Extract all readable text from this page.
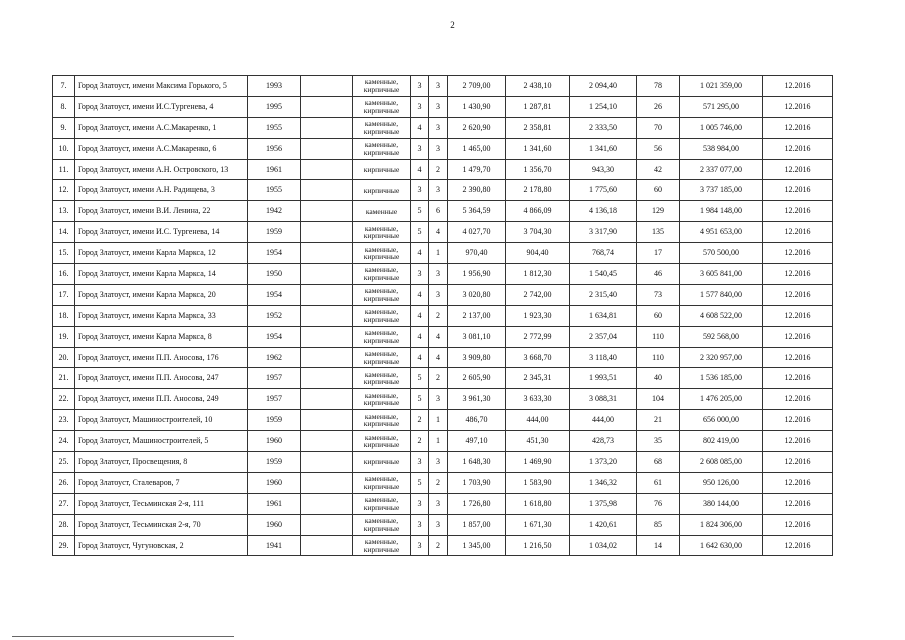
2
7.	Город Златоуст, имени Максима Горького, 5	1993		каменные, кирпичные	3	3	2 709,00	2 438,10	2 094,40	78	1 021 359,00	12.2016
8.	Город Златоуст, имени И.С.Тургенева, 4	1995		каменные, кирпичные	3	3	1 430,90	1 287,81	1 254,10	26	571 295,00	12.2016
9.	Город Златоуст, имени А.С.Макаренко, 1	1955		каменные, кирпичные	4	3	2 620,90	2 358,81	2 333,50	70	1 005 746,00	12.2016
10.	Город Златоуст, имени А.С.Макаренко, 6	1956		каменные, кирпичные	3	3	1 465,00	1 341,60	1 341,60	56	538 984,00	12.2016
11.	Город Златоуст, имени А.Н. Островского, 13	1961		кирпичные	4	2	1 479,70	1 356,70	943,30	42	2 337 077,00	12.2016
12.	Город Златоуст, имени А.Н. Радищева, 3	1955		кирпичные	3	3	2 390,80	2 178,80	1 775,60	60	3 737 185,00	12.2016
13.	Город Златоуст, имени В.И. Ленина, 22	1942		каменные	5	6	5 364,59	4 866,09	4 136,18	129	1 984 148,00	12.2016
14.	Город Златоуст, имени И.С. Тургенева, 14	1959		каменные, кирпичные	5	4	4 027,70	3 704,30	3 317,90	135	4 951 653,00	12.2016
15.	Город Златоуст, имени Карла Маркса, 12	1954		каменные, кирпичные	4	1	970,40	904,40	768,74	17	570 500,00	12.2016
16.	Город Златоуст, имени Карла Маркса, 14	1950		каменные, кирпичные	3	3	1 956,90	1 812,30	1 540,45	46	3 605 841,00	12.2016
17.	Город Златоуст, имени Карла Маркса, 20	1954		каменные, кирпичные	4	3	3 020,80	2 742,00	2 315,40	73	1 577 840,00	12.2016
18.	Город Златоуст, имени Карла Маркса, 33	1952		каменные, кирпичные	4	2	2 137,00	1 923,30	1 634,81	60	4 608 522,00	12.2016
19.	Город Златоуст, имени Карла Маркса, 8	1954		каменные, кирпичные	4	4	3 081,10	2 772,99	2 357,04	110	592 568,00	12.2016
20.	Город Златоуст, имени П.П. Аносова, 176	1962		каменные, кирпичные	4	4	3 909,80	3 668,70	3 118,40	110	2 320 957,00	12.2016
21.	Город Златоуст, имени П.П. Аносова, 247	1957		каменные, кирпичные	5	2	2 605,90	2 345,31	1 993,51	40	1 536 185,00	12.2016
22.	Город Златоуст, имени П.П. Аносова, 249	1957		каменные, кирпичные	5	3	3 961,30	3 633,30	3 088,31	104	1 476 205,00	12.2016
23.	Город Златоуст, Машиностроителей, 10	1959		каменные, кирпичные	2	1	486,70	444,00	444,00	21	656 000,00	12.2016
24.	Город Златоуст, Машиностроителей, 5	1960		каменные, кирпичные	2	1	497,10	451,30	428,73	35	802 419,00	12.2016
25.	Город Златоуст, Просвещения, 8	1959		кирпичные	3	3	1 648,30	1 469,90	1 373,20	68	2 608 085,00	12.2016
26.	Город Златоуст, Сталеваров, 7	1960		каменные, кирпичные	5	2	1 703,90	1 583,90	1 346,32	61	950 126,00	12.2016
27.	Город Златоуст, Тесьминская 2-я, 111	1961		каменные, кирпичные	3	3	1 726,80	1 618,80	1 375,98	76	380 144,00	12.2016
28.	Город Златоуст, Тесьминская 2-я, 70	1960		каменные, кирпичные	3	3	1 857,00	1 671,30	1 420,61	85	1 824 306,00	12.2016
29.	Город Златоуст, Чугуновская, 2	1941		каменные, кирпичные	3	2	1 345,00	1 216,50	1 034,02	14	1 642 630,00	12.2016
